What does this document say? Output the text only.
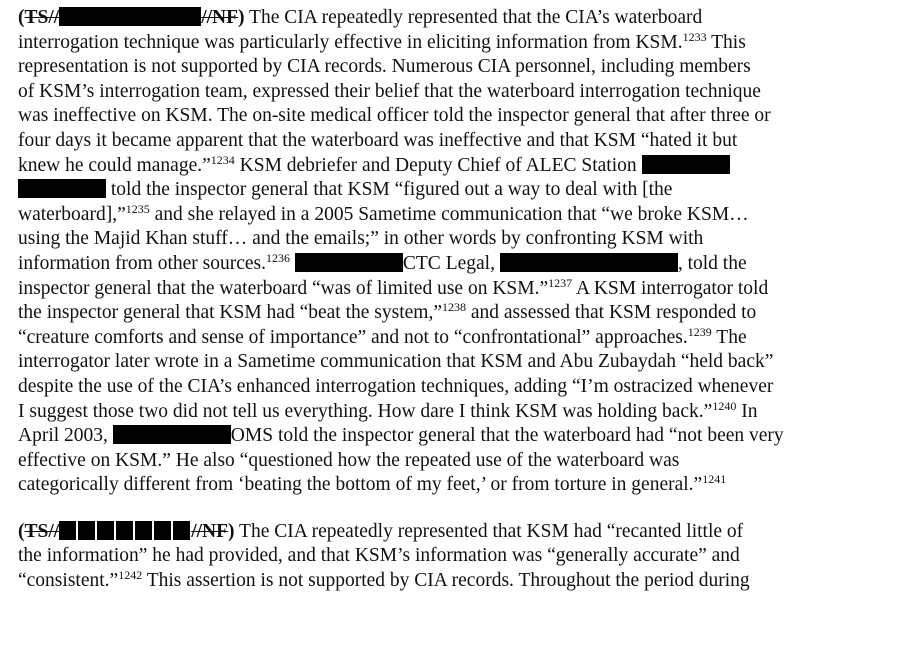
(TS//	//NF) The CIA repeatedly represented that the CIA’s waterboard
interrogation technique was particularly effective in eliciting information from KSM.$^{1233}$ This
representation is not supported by CIA records. Numerous CIA personnel, including members
of KSM’s interrogation team, expressed their belief that the waterboard interrogation technique
was ineffective on KSM. The on-site medical officer told the inspector general that after three or
four days it became apparent that the waterboard was ineffective and that KSM “hated it but
knew he could manage.”$^{1234}$ KSM debriefer and Deputy Chief of ALEC Station
told the inspector general that KSM “figured out a way to deal with [the
waterboard],”$^{1235}$ and she relayed in a 2005 Sametime communication that “we broke KSM…
using the Majid Khan stuff… and the emails;” in other words by confronting KSM with
information from other sources.$^{1236}$	CTC Legal,	, told the
inspector general that the waterboard “was of limited use on KSM.”$^{1237}$ A KSM interrogator told
the inspector general that KSM had “beat the system,”$^{1238}$ and assessed that KSM responded to
“creature comforts and sense of importance” and not to “confrontational” approaches.$^{1239}$ The
interrogator later wrote in a Sametime communication that KSM and Abu Zubaydah “held back”
despite the use of the CIA’s enhanced interrogation techniques, adding “I’m ostracized whenever
I suggest those two did not tell us everything. How dare I think KSM was holding back.”$^{1240}$ In
April 2003,	OMS told the inspector general that the waterboard had “not been very
effective on KSM.” He also “questioned how the repeated use of the waterboard was
categorically different from ‘beating the bottom of my feet,’ or from torture in general.”$^{1241}$
(TS//	//NF) The CIA repeatedly represented that KSM had “recanted little of
the information” he had provided, and that KSM’s information was “generally accurate” and
“consistent.”$^{1242}$ This assertion is not supported by CIA records. Throughout the period during
